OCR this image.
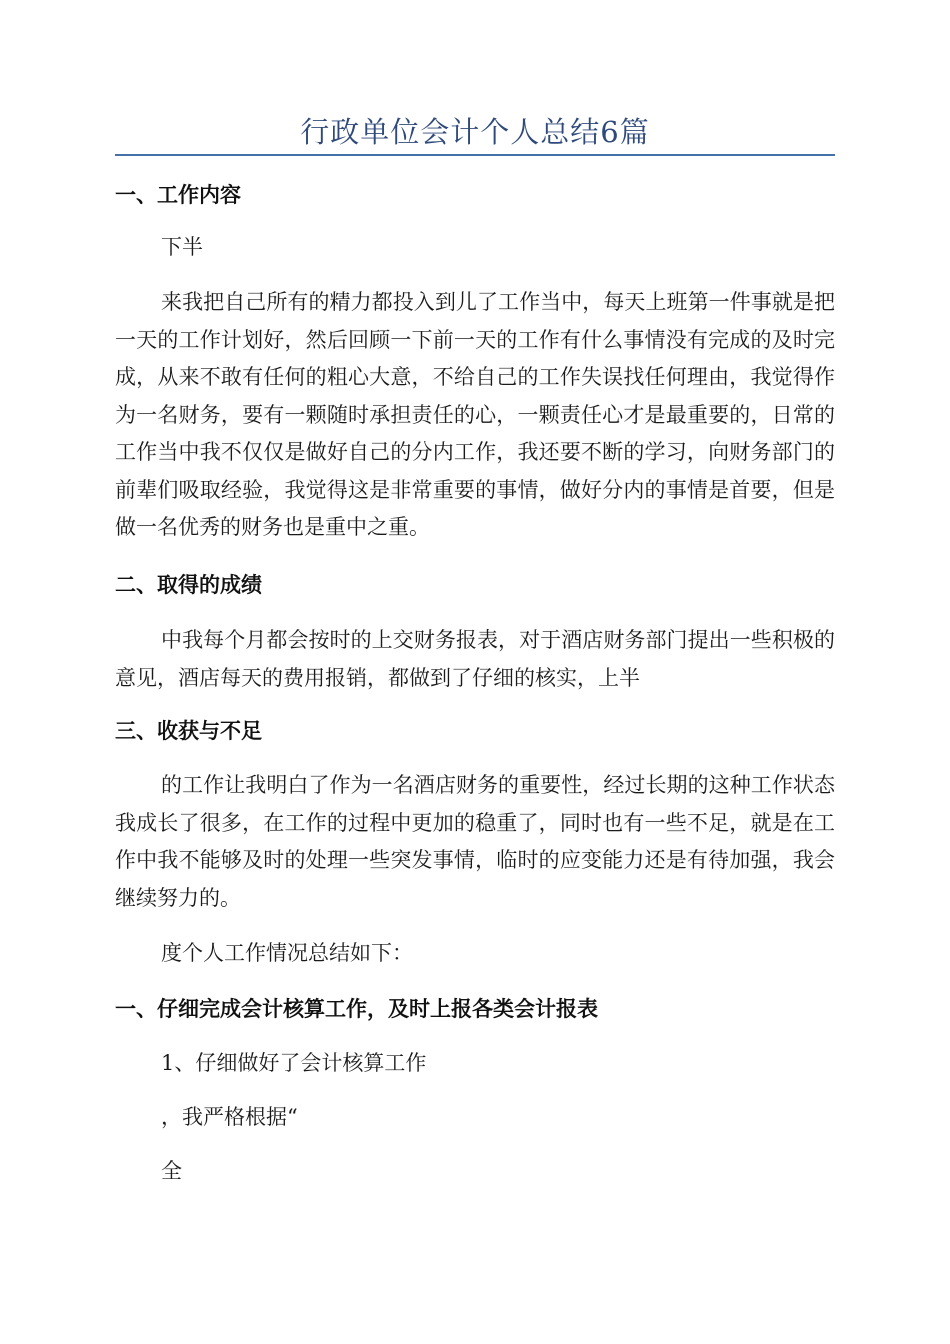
行政单位会计个人总结6篇
一、工作内容

下半

来我把自己所有的精力都投入到儿了工作当中，每天上班第一件事就是把一天的工作计划好，然后回顾一下前一天的工作有什么事情没有完成的及时完成，从来不敢有任何的粗心大意，不给自己的工作失误找任何理由，我觉得作为一名财务，要有一颗随时承担责任的心，一颗责任心才是最重要的，日常的工作当中我不仅仅是做好自己的分内工作，我还要不断的学习，向财务部门的前辈们吸取经验，我觉得这是非常重要的事情，做好分内的事情是首要，但是做一名优秀的财务也是重中之重。

二、取得的成绩

中我每个月都会按时的上交财务报表，对于酒店财务部门提出一些积极的意见，酒店每天的费用报销，都做到了仔细的核实，上半

三、收获与不足

的工作让我明白了作为一名酒店财务的重要性，经过长期的这种工作状态我成长了很多，在工作的过程中更加的稳重了，同时也有一些不足，就是在工作中我不能够及时的处理一些突发事情，临时的应变能力还是有待加强，我会继续努力的。

度个人工作情况总结如下：

一、仔细完成会计核算工作，及时上报各类会计报表

1、仔细做好了会计核算工作

，我严格根据“

全
